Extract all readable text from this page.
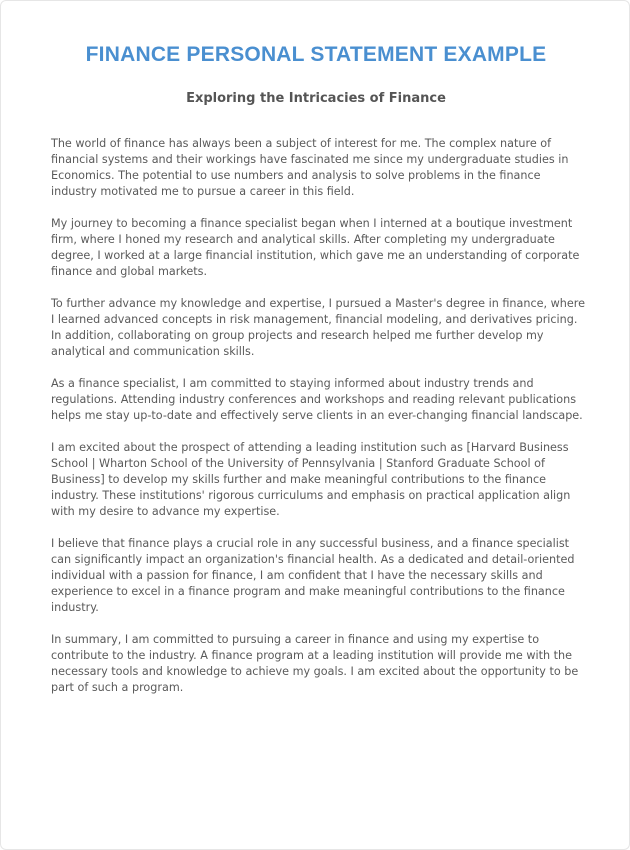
FINANCE PERSONAL STATEMENT EXAMPLE
Exploring the Intricacies of Finance

The world of finance has always been a subject of interest for me. The complex nature of financial systems and their workings have fascinated me since my undergraduate studies in Economics. The potential to use numbers and analysis to solve problems in the finance industry motivated me to pursue a career in this field.

My journey to becoming a finance specialist began when I interned at a boutique investment firm, where I honed my research and analytical skills. After completing my undergraduate degree, I worked at a large financial institution, which gave me an understanding of corporate finance and global markets.

To further advance my knowledge and expertise, I pursued a Master's degree in finance, where I learned advanced concepts in risk management, financial modeling, and derivatives pricing. In addition, collaborating on group projects and research helped me further develop my analytical and communication skills.

As a finance specialist, I am committed to staying informed about industry trends and regulations. Attending industry conferences and workshops and reading relevant publications helps me stay up-to-date and effectively serve clients in an ever-changing financial landscape.

I am excited about the prospect of attending a leading institution such as [Harvard Business School | Wharton School of the University of Pennsylvania | Stanford Graduate School of Business] to develop my skills further and make meaningful contributions to the finance industry. These institutions' rigorous curriculums and emphasis on practical application align with my desire to advance my expertise.

I believe that finance plays a crucial role in any successful business, and a finance specialist can significantly impact an organization's financial health. As a dedicated and detail-oriented individual with a passion for finance, I am confident that I have the necessary skills and experience to excel in a finance program and make meaningful contributions to the finance industry.

In summary, I am committed to pursuing a career in finance and using my expertise to contribute to the industry. A finance program at a leading institution will provide me with the necessary tools and knowledge to achieve my goals. I am excited about the opportunity to be part of such a program.
